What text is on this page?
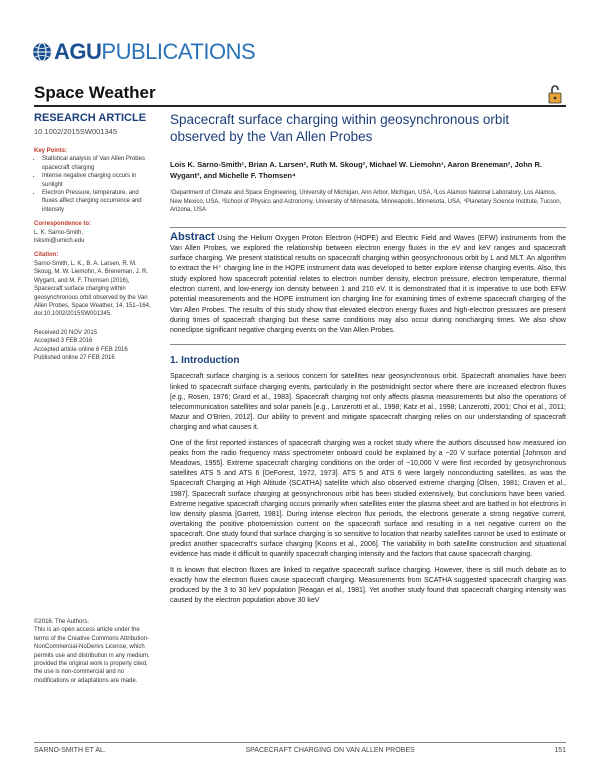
AGU PUBLICATIONS
Space Weather
RESEARCH ARTICLE
10.1002/2015SW001345
Key Points:
• Statistical analysis of Van Allen Probes spacecraft charging
• Intense negative charging occurs in sunlight
• Electron Pressure, temperature, and fluxes affect charging occurrence and intensity
Correspondence to:
L. K. Sarno-Smith,
lsksmi@umich.edu
Citation:
Sarno-Smith, L. K., B. A. Larsen, R. M. Skoug, M. W. Liemohn, A. Breneman, J. R. Wygant, and M. F. Thomsen (2016), Spacecraft surface charging within geosynchronous orbit observed by the Van Allen Probes, Space Weather, 14, 151–164, doi:10.1002/2015SW001345.
Received 20 NOV 2015
Accepted 3 FEB 2016
Accepted article online 6 FEB 2016
Published online 27 FEB 2016
©2016. The Authors.
This is an open access article under the terms of the Creative Commons Attribution-NonCommercial-NoDerivs License, which permits use and distribution in any medium, provided the original work is properly cited, the use is non-commercial and no modifications or adaptations are made.
Spacecraft surface charging within geosynchronous orbit observed by the Van Allen Probes
Lois K. Sarno-Smith¹, Brian A. Larsen², Ruth M. Skoug², Michael W. Liemohn¹, Aaron Breneman³, John R. Wygant³, and Michelle F. Thomsen⁴
¹Department of Climate and Space Engineering, University of Michigan, Ann Arbor, Michigan, USA, ²Los Alamos National Laboratory, Los Alamos, New Mexico, USA, ³School of Physics and Astronomy, University of Minnesota, Minneapolis, Minnesota, USA, ⁴Planetary Science Institute, Tucson, Arizona, USA
Abstract Using the Helium Oxygen Proton Electron (HOPE) and Electric Field and Waves (EFW) instruments from the Van Allen Probes, we explored the relationship between electron energy fluxes in the eV and keV ranges and spacecraft surface charging. We present statistical results on spacecraft charging within geosynchronous orbit by L and MLT. An algorithm to extract the H⁺ charging line in the HOPE instrument data was developed to better explore intense charging events. Also, this study explored how spacecraft potential relates to electron number density, electron pressure, electron temperature, thermal electron current, and low-energy ion density between 1 and 210 eV. It is demonstrated that it is imperative to use both EFW potential measurements and the HOPE instrument ion charging line for examining times of extreme spacecraft charging of the Van Allen Probes. The results of this study show that elevated electron energy fluxes and high-electron pressures are present during times of spacecraft charging but these same conditions may also occur during noncharging times. We also show noneclipse significant negative charging events on the Van Allen Probes.
1. Introduction

Spacecraft surface charging is a serious concern for satellites near geosynchronous orbit. Spacecraft anomalies have been linked to spacecraft surface charging events, particularly in the postmidnight sector where there are increased electron fluxes [e.g., Rosen, 1976; Grard et al., 1983]. Spacecraft charging not only affects plasma measurements but also the operations of telecommunication satellites and solar panels [e.g., Lanzerotti et al., 1998; Katz et al., 1998; Lanzerotti, 2001; Choi et al., 2011; Mazur and O'Brien, 2012]. Our ability to prevent and mitigate spacecraft charging relies on our understanding of spacecraft charging and what causes it.

One of the first reported instances of spacecraft charging was a rocket study where the authors discussed how measured ion peaks from the radio frequency mass spectrometer onboard could be explained by a −20 V surface potential [Johnson and Meadows, 1955]. Extreme spacecraft charging conditions on the order of −10,000 V were first recorded by geosynchronous satellites ATS 5 and ATS 6 [DeForest, 1972, 1973]. ATS 5 and ATS 6 were largely nonconducting satellites, as was the Spacecraft Charging at High Altitude (SCATHA) satellite which also observed extreme charging [Olsen, 1981; Craven et al., 1987]. Spacecraft surface charging at geosynchronous orbit has been studied extensively, but conclusions have been varied. Extreme negative spacecraft charging occurs primarily when satellites enter the plasma sheet and are bathed in hot electrons in low density plasma [Garrett, 1981]. During intense electron flux periods, the electrons generate a strong negative current, overtaking the positive photoemission current on the spacecraft surface and resulting in a net negative current on the spacecraft. One study found that surface charging is so sensitive to location that nearby satellites cannot be used to estimate or predict another spacecraft's surface charging [Koons et al., 2006]. The variability in both satellite construction and situational evidence has made it difficult to quantify spacecraft charging intensity and the factors that cause spacecraft charging.

It is known that electron fluxes are linked to negative spacecraft surface charging. However, there is still much debate as to exactly how the electron fluxes cause spacecraft charging. Measurements from SCATHA suggested spacecraft charging was produced by the 3 to 30 keV population [Reagan et al., 1981]. Yet another study found that spacecraft charging intensity was caused by the electron population above 30 keV

SARNO-SMITH ET AL.	SPACECRAFT CHARGING ON VAN ALLEN PROBES	151
